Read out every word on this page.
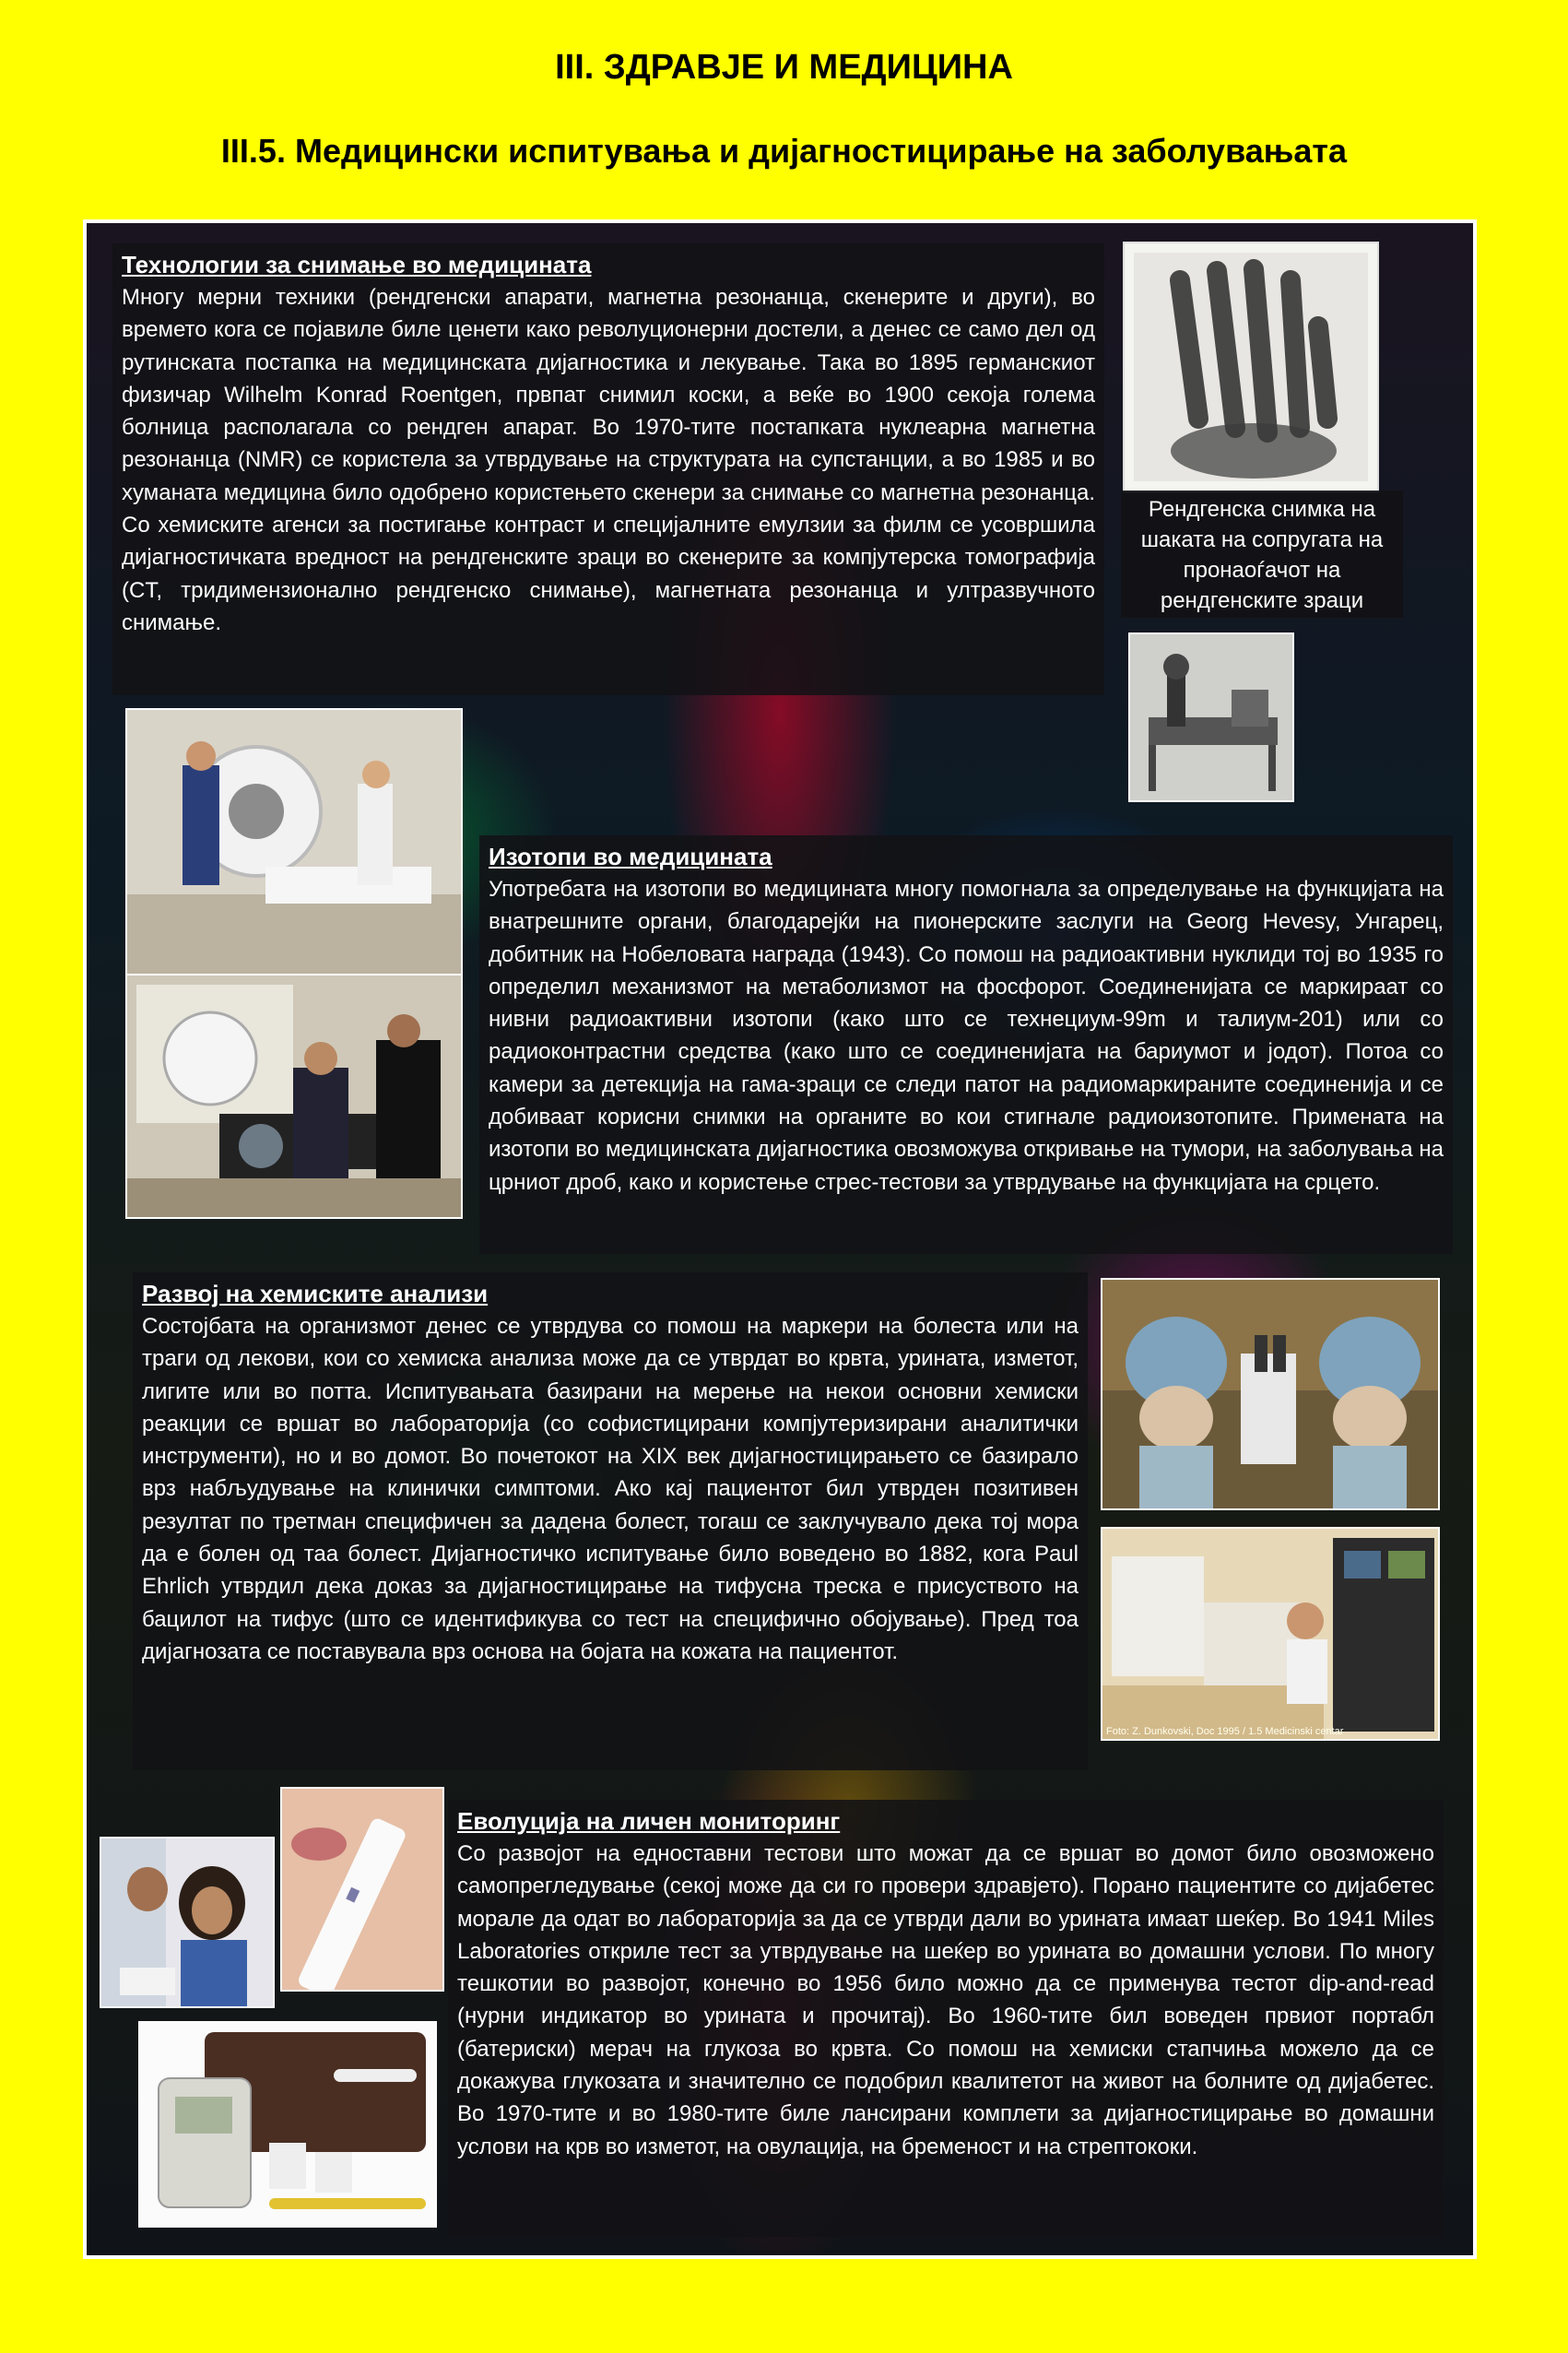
III. ЗДРАВЈЕ И МЕДИЦИНА
III.5. Медицински испитувања и дијагностицирање на заболувањата
Технологии за снимање во медицината

Многу мерни техники (рендгенски апарати, магнетна резонанца, скенерите и други), во времето кога се појавиле биле ценети како револуционерни достели, а денес се само дел од рутинската постапка на медицинската дијагностика и лекување. Така во 1895 германскиот физичар Wilhelm Konrad Roentgen, првпат снимил коски, а веќе во 1900 секоја голема болница располагала со рендген апарат. Во 1970-тите постапката нуклеарна магнетна резонанца (NMR) се користела за утврдување на структурата на супстанции, а во 1985 и во хуманата медицина било одобрено користењето скенери за снимање со магнетна резонанца. Со хемиските агенси за постигање контраст и специјалните емулзии за филм се усовршила дијагностичката вредност на рендгенските зраци во скенерите за компјутерска томографија (CT, тридимензионално рендгенско снимање), магнетната резонанца и ултразвучното снимање.

Рендгенска снимка на шаката на сопругата на пронаоѓачот на рендгенските зраци
Изотопи во медицината

Употребата на изотопи во медицината многу помогнала за определување на функцијата на внатрешните органи, благодарејќи на пионерските заслуги на Georg Hevesy, Унгарец, добитник на Нобеловата награда (1943). Со помош на радиоактивни нуклиди тој во 1935 го определил механизмот на метаболизмот на фосфорот. Соединенијата се маркираат со нивни радиоактивни изотопи (како што се технециум-99m и талиум-201) или со радиоконтрастни средства (како што се соединенијата на бариумот и јодот). Потоа со камери за детекција на гама-зраци се следи патот на радиомаркираните соединенија и се добиваат корисни снимки на органите во кои стигнале радиоизотопите. Примената на изотопи во медицинската дијагностика овозможува откривање на тумори, на заболувања на црниот дроб, како и користење стрес-тестови за утврдување на функцијата на срцето.

Развој на хемиските анализи

Состојбата на организмот денес се утврдува со помош на маркери на болеста или на траги од лекови, кои со хемиска анализа може да се утврдат во крвта, урината, изметот, лигите или во потта. Испитувањата базирани на мерење на некои основни хемиски реакции се вршат во лабораторија (со софистицирани компјутеризирани аналитички инструменти), но и во домот. Во почетокот на XIX век дијагностицирањето се базирало врз набљудување на клинички симптоми. Ако кај пациентот бил утврден позитивен резултат по третман специфичен за дадена болест, тогаш се заклучувало дека тој мора да е болен од таа болест. Дијагностичко испитување било воведено во 1882, кога Paul Ehrlich утврдил дека доказ за дијагностицирање на тифусна треска е присуството на бацилот на тифус (што се идентификува со тест на специфично обојување). Пред тоа дијагнозата се поставувала врз основа на бојата на кожата на пациентот.

Foto: Z. Dunkovski, Doc 1995 / 1.5 Medicinski centar
Еволуција на личен мониторинг

Со развојот на едноставни тестови што можат да се вршат во домот било овозможено самопрегледување (секој може да си го провери здравјето). Порано пациентите со дијабетес морале да одат во лабораторија за да се утврди дали во урината имаат шеќер. Во 1941 Miles Laboratories открилe тест за утврдување на шеќер во урината во домашни услови. По многу тешкотии во развојот, конечно во 1956 било можно да се применува тестот dip-and-read (нурни индикатор во урината и прочитај). Во 1960-тите бил воведен првиот портабл (батериски) мерач на глукоза во крвта. Со помош на хемиски стапчиња можело да се докажува глукозата и значително се подобрил квалитетот на живот на болните од дијабетес. Во 1970-тите и во 1980-тите биле лансирани комплети за дијагностицирање во домашни услови на крв во изметот, на овулација, на бременост и на стрептококи.
